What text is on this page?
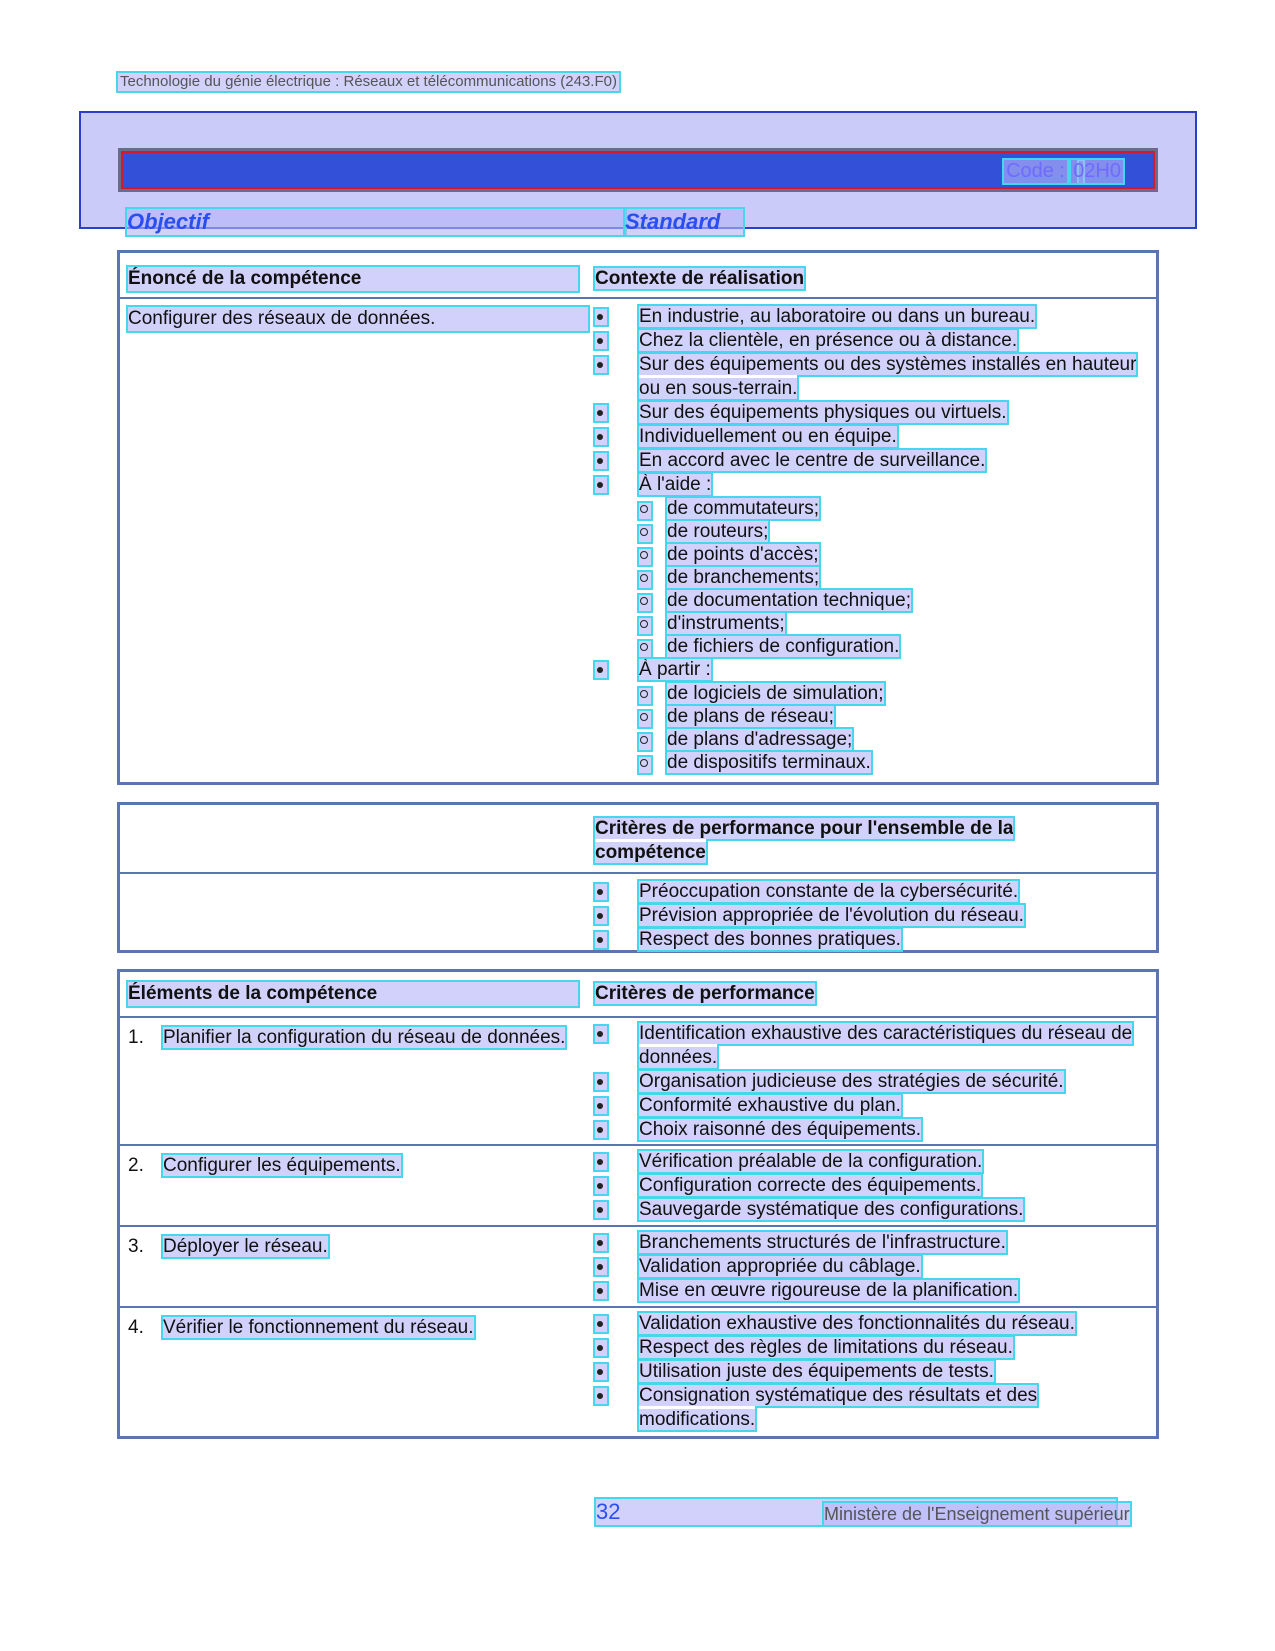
Technologie du génie électrique : Réseaux et télécommunications (243.F0)
Code : 02H0
Objectif	Standard
Énoncé de la compétence	Contexte de réalisation
Configurer des réseaux de données.	En industrie, au laboratoire ou dans un bureau.
Chez la clientèle, en présence ou à distance.
Sur des équipements ou des systèmes installés en hauteur ou en sous-terrain.
Sur des équipements physiques ou virtuels.
Individuellement ou en équipe.
En accord avec le centre de surveillance.
À l'aide :
de commutateurs;
de routeurs;
de points d'accès;
de branchements;
de documentation technique;
d'instruments;
de fichiers de configuration.
À partir :
de logiciels de simulation;
de plans de réseau;
de plans d'adressage;
de dispositifs terminaux.
Critères de performance pour l'ensemble de la compétence
Préoccupation constante de la cybersécurité.
Prévision appropriée de l'évolution du réseau.
Respect des bonnes pratiques.
Éléments de la compétence	Critères de performance
1. Planifier la configuration du réseau de données.	Identification exhaustive des caractéristiques du réseau de données.
Organisation judicieuse des stratégies de sécurité.
Conformité exhaustive du plan.
Choix raisonné des équipements.
2. Configurer les équipements.	Vérification préalable de la configuration.
Configuration correcte des équipements.
Sauvegarde systématique des configurations.
3. Déployer le réseau.	Branchements structurés de l'infrastructure.
Validation appropriée du câblage.
Mise en œuvre rigoureuse de la planification.
4. Vérifier le fonctionnement du réseau.	Validation exhaustive des fonctionnalités du réseau.
Respect des règles de limitations du réseau.
Utilisation juste des équipements de tests.
Consignation systématique des résultats et des modifications.
32	Ministère de l'Enseignement supérieur
